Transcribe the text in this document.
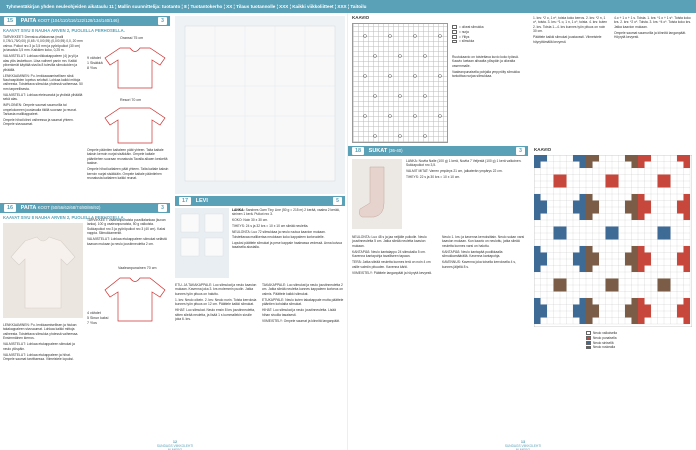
Tyhmentäkirjan yhden neuleohjeiden aikataulu 11 ¦ Mallin suunnittelija: tuotanto ¦ 8 ¦ Tuotantokerho ¦ XX ¦ Tilaus tuotannolle ¦ XXX ¦ Kaikki viikkoliitteet ¦ XXX ¦ Taitoilu
15 PAITA KOOT (104/110/116/122/128/134/140/146)	3
KAAVAT SIVU 8 NAUHA ARVEN 2, PUOLELLA PERHOSELLA.

TARVIKKEET: Drensica-villakarvaa (malli 0,7/5/1,75/0,00) (0,65 / 0,0/0,95) (0,0/0,95) 0,0, 20 mm vahva. Puikot nro 3 ja 3,5 mm ja pyöröpuikot (30 cm) ja tasaisia 3,5 mm. Kaikkien koko, 0,25 m.

VALMISTELUT: Lohkaa nilkkakappaleen (4) ja yli ja alas ylös laskettuun. Liisa vaiheet panin mn. Kaikki pilvenkerät käyttää sivulla 8 tulevilla silmukoiden ja ylhäällä.

LENKKAAMINEN: Pu. lenkkaaaamisellisen siisti. Nauhaspäiden lopetus selvästi. Lohkaa kaikki mittoja vaiheesta. Toistettava silmukka yhdessä vaiheessa. 50 mm tarpeellisesta.

VALMISTELUT: Lohkaa eteisvaralut ja yhdistä ylhäällä sekä alas.

IMPLOINEN: Ompele saumat saumurilla tai ompelukoneen joustavalla tikillä suoraan ja reunat. Tarkasta mallikappaleet.

Ompele hihat kiinni vaiheessa ja saumat yhteen. Ompele sivusaumat.

Oranssi 75 cm
9 vähdet
1 Sisäkkä
8 Ylos
Resori 70 cm

Ompele pääntien kaitaleen päät yhteen. Taita kaitale kaksin kerroin nurjat sisäkkäin. Ompele kaitale pääntiehen suoraan reunatusta Tavalla alkaen keskeltä taakse.

Ompele hihat kaitaleen päät yhteen. Taita kaitale kaksin kerroin nurjat sisäkkäin. Ompele kaitale pääntiehen reunatusta kaitaleen kaikki reunat.

16 PAITA KOOT (50/56/62/68/74/80/86/92)	3
KAAVAT SIVU 8 NAUHA ARVEN 2, PUOLELLA PERHOSELLA.

TARVIKKEET: Vaaleanpunaista puuvillalankaa (kuvan lanka). 100 g vaaleanpunaista, 50 g valkoista. Sukkapuikot nro 3 ja pyöröpuikot nro 3 (40 cm). Kaksi nappia. Silmukkamerkit.

VALMISTELUT: Lohkaa etukappaleen silmukat selästä kaavan mukaan ja neulo joustinneuletta 2 cm.

Vaaleanpunainen 70 cm
4 vähdet
5 Sinun kaksi
7 Ylos

LENKKAAMINEN: Pu. lenkkaamisellisen ja hiukan takakappaleen sivusaumat. Lohkaa kaikki mittoja vaiheesta. Toistettava silmukka yhdessä vaiheessa. Ensimmäinen kierros.

VALMISTELUT: Lohkaa etukappaleen silmukat ja neulo ylöspäin.

VALMISTELUT: Lohkaa etukappaleen ja hihat. Ompele saumat tarvittaessa. Viimeistele lopuksi.

17 LEVI	5

LANKA: Sandnes Garn Tiny Line (50 g = 215 m) 2 kerää, vaalea 2 kerää, sininen 1 kerä. Puikot nro 3.

KOKO: Noin 30 x 30 cm.

TIHEYS: 24 s ja 32 krs = 10 x 10 cm sileää neuletta.

NEULONTA: Luo 72 silmukkaa ja neulo ruutua kaavion mukaan. Toistettavaa mallikertaa neulotaan koko kappaleen korkeudelle.

Lopuksi päättele silmukat ja pese kappale haaleassa vedessä. Anna kuivua tasaisella alustalla.

ETU- JA TAKAKAPPALE: Luo silmukat ja neulo kaavion mukaan. Kavenna joka 3. krs molemmin puolin. Jatka kunnes työn pituus on haluttu.

1. krs: Neulo oikein. 2. krs: Neulo nurin. Toista kerroksia kunnes työn pituus on 12 cm. Päättele kaikki silmukat.

HIHAT: Luo silmukat. Neulo ensin 8 krs joustinneuletta, sitten sileää neuletta, ja lisää 1 s kummallekin sivulle joka 6. krs.

TAKAKAPPALE: Luo silmukat ja neulo joustinneuletta 2 cm. Jatka sileää neuletta kunnes kappaleen korkeus on valmis. Päättele kaikki silmukat.

ETUKAPPALE: Neulo kuten takakappale mutta päättele pääntien kohdalta silmukat.

HIHAT: Luo silmukat ja neulo joustinneuletta. Lisää hihan sivuilla tasaisesti.

VIIMEISTELY: Ompele saumat ja kiinnitä langanpäät.

12
SUNDAGS VIIKKOLEHTI NUMERO
KAAVIO
= oikeat silmukka
= nurja
= Ylitys
= silmukka

Ruutukaavio on toistettava kuvio koko työssä. Kaavio luetaan alhaalta ylöspäin ja oikealta vasemmalle.

Vaaleanpunaisella pohjalla ympyröity silmukka tarkoittaa nurjaa silmukkaa.

1. krs: *2 o, 1 n*, toista koko kerros. 2. krs: *2 n, 1 o*, toista. 3. krs: *1 o, 1 n, 1 o*, toista. 4. krs: kuten 2. krs. Toista 1.–4. krs kunnes työn pituus on noin 30 cm.

Päättele kaikki silmukat joustavasti. Viimeistele höyryttämällä kevyesti.

4.o + 1 o + 1 s. Toista. 1. krs: *1 o + 1 s*. Toista koko krs. 2. krs: *2 o*. Toista. 3. krs: *4 o*. Toista koko krs. Jatka kaavion mukaan.

Ompele saumat saumurilla ja kiinnitä langanpäät. Höyrytä kevyesti.

18 SUKAT (36-40)	3

LANKA: Novita Nalle (100 g) 1 kerä, Novita 7 Veljestä (100 g) 1 kerä valkoinen. Sukkapuikot nro 3,5.

VALMIT MITAT: Varren ympärys 21 cm, jalkaterän ympärys 22 cm.

TIHEYS: 22 s ja 30 krs = 10 x 10 cm.

NEULONTA: Luo 48 s ja jaa neljälle puikolle. Neulo joustinneuletta 5 cm. Jatka sileää neuletta kaavion mukaan.

KANTAPÄÄ: Neulo kantalappu 24 silmukalla 5 cm. Kavenna kantapohja tavalliseen tapaan.

TERÄ: Jatka sileää neuletta kunnes terä on noin 4 cm vaille valmiin pituuden. Kavenna kärki.

VIIMEISTELY: Päättele langanpäät ja höyrytä kevyesti.

Neulo 1. krs: ja kavenna kerroksittain. Neulo sukan varsi kaavion mukaan. Kun kaavio on neulottu, jatka sileää neuletta kunnes varsi on haluttu.

KANTAPÄÄ: Neulo kantapää puolikkaalla silmukkamäärällä. Kavenna kantapohja.

KAVENNUS: Kavenna joka toisella kerroksella 4 s, kunnes jäljellä 8 s.

KAAVIO
Neulo valkoisella
Neulo punaisella
Neulo sinisellä
Neulo ruskealla
13
SUNDAGS VIIKKOLEHTI NUMERO
